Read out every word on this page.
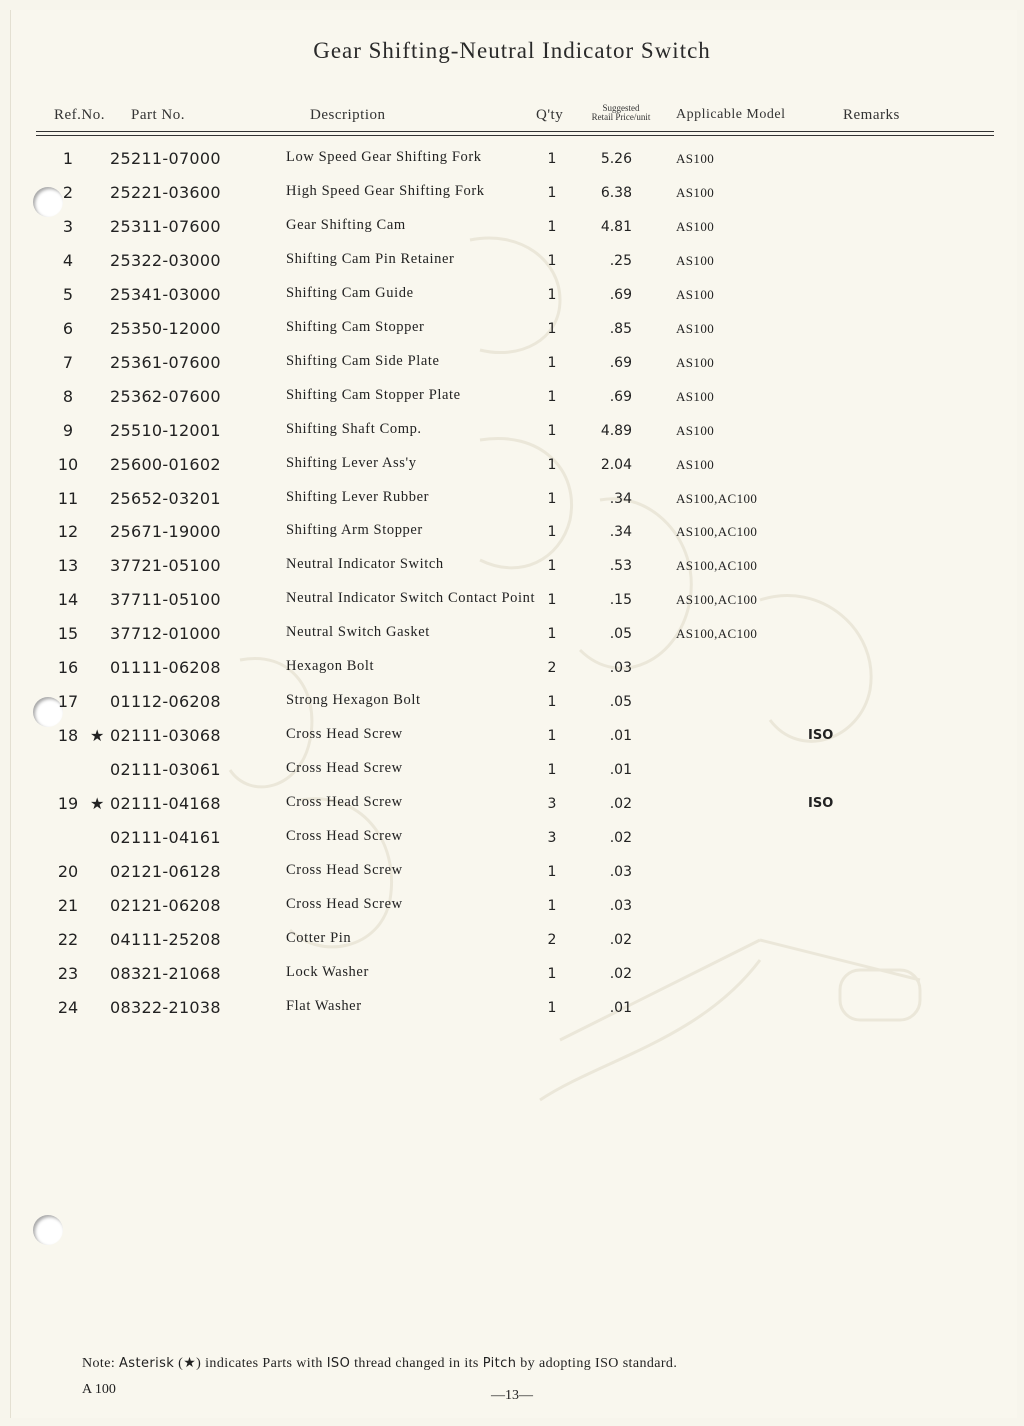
Gear Shifting-Neutral Indicator Switch
Ref.No. Part No.	Description	Q'ty	Suggested
Retail Price/unit	Applicable Model	Remarks
1	25211-07000	Low Speed Gear Shifting Fork	1	5.26	AS100
2	25221-03600	High Speed Gear Shifting Fork	1	6.38	AS100
3	25311-07600	Gear Shifting Cam	1	4.81	AS100
4	25322-03000	Shifting Cam Pin Retainer	1	.25	AS100
5	25341-03000	Shifting Cam Guide	1	.69	AS100
6	25350-12000	Shifting Cam Stopper	1	.85	AS100
7	25361-07600	Shifting Cam Side Plate	1	.69	AS100
8	25362-07600	Shifting Cam Stopper Plate	1	.69	AS100
9	25510-12001	Shifting Shaft Comp.	1	4.89	AS100
10	25600-01602	Shifting Lever Ass'y	1	2.04	AS100
11	25652-03201	Shifting Lever Rubber	1	.34	AS100,AC100
12	25671-19000	Shifting Arm Stopper	1	.34	AS100,AC100
13	37721-05100	Neutral Indicator Switch	1	.53	AS100,AC100
14	37711-05100	Neutral Indicator Switch Contact Point 1	.15	AS100,AC100
15	37712-01000	Neutral Switch Gasket	1	.05	AS100,AC100
16	01111-06208	Hexagon Bolt	2	.03
17	01112-06208	Strong Hexagon Bolt	1	.05
18 ★ 02111-03068	Cross Head Screw	1	.01	ISO
02111-03061	Cross Head Screw	1	.01
19 ★ 02111-04168	Cross Head Screw	3	.02	ISO
02111-04161	Cross Head Screw	3	.02
20	02121-06128	Cross Head Screw	1	.03
21	02121-06208	Cross Head Screw	1	.03
22	04111-25208	Cotter Pin	2	.02
23	08321-21068	Lock Washer	1	.02
24	08322-21038	Flat Washer	1	.01
Note: Asterisk (★) indicates Parts with ISO thread changed in its Pitch by adopting ISO standard.
A 100	—13—
